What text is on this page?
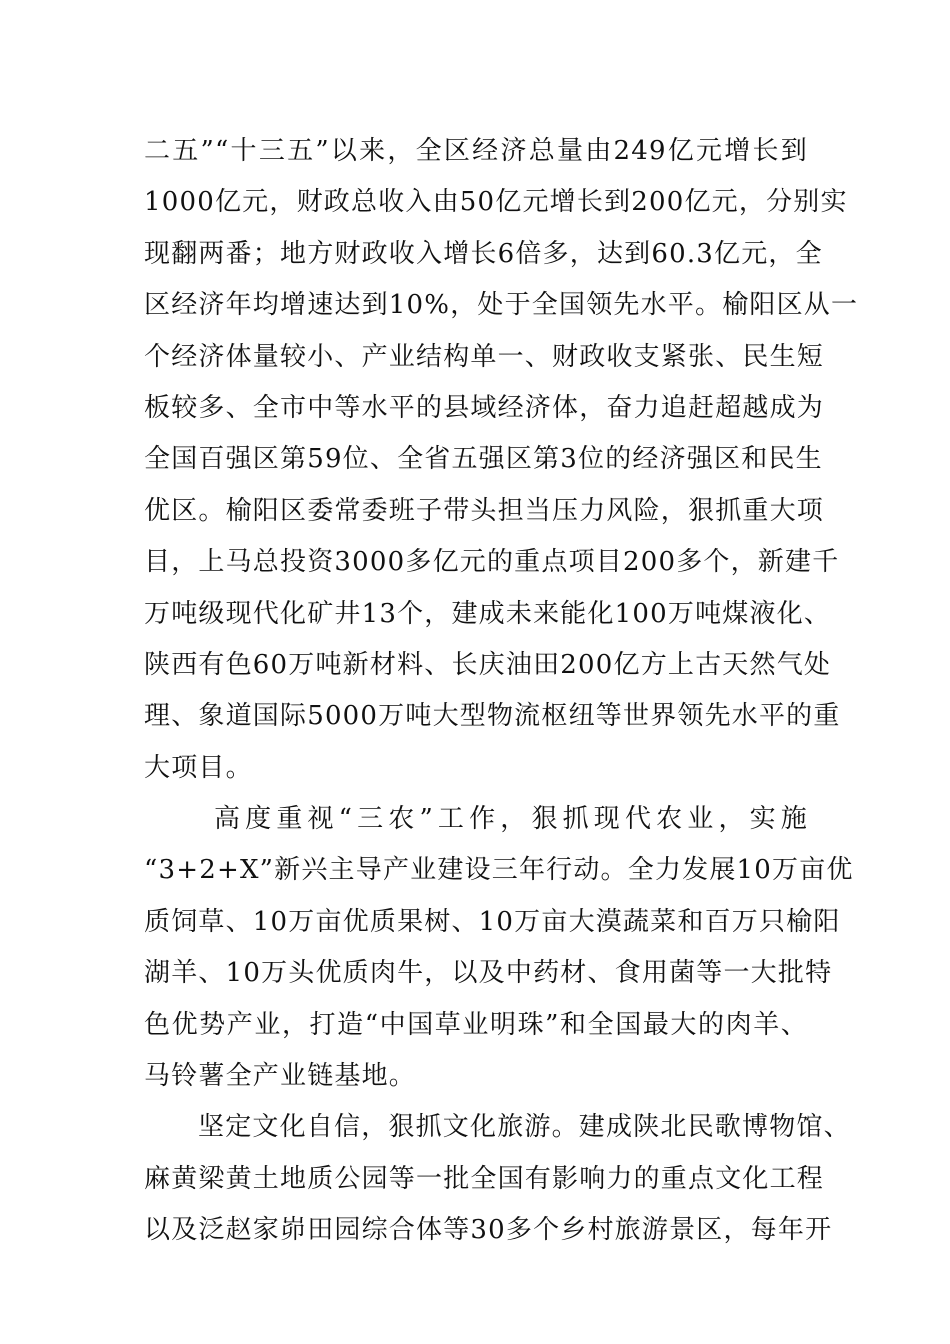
二五”“十三五”以来，全区经济总量由249亿元增长到
1000亿元，财政总收入由50亿元增长到200亿元，分别实
现翻两番；地方财政收入增长6倍多，达到60.3亿元，全
区经济年均增速达到10%，处于全国领先水平。榆阳区从一
个经济体量较小、产业结构单一、财政收支紧张、民生短
板较多、全市中等水平的县域经济体，奋力追赶超越成为
全国百强区第59位、全省五强区第3位的经济强区和民生
优区。榆阳区委常委班子带头担当压力风险，狠抓重大项
目，上马总投资3000多亿元的重点项目200多个，新建千
万吨级现代化矿井13个，建成未来能化100万吨煤液化、
陕西有色60万吨新材料、长庆油田200亿方上古天然气处
理、象道国际5000万吨大型物流枢纽等世界领先水平的重
大项目。
高度重视“三农”工作，狠抓现代农业，实施
“3+2+X”新兴主导产业建设三年行动。全力发展10万亩优
质饲草、10万亩优质果树、10万亩大漠蔬菜和百万只榆阳
湖羊、10万头优质肉牛，以及中药材、食用菌等一大批特
色优势产业，打造“中国草业明珠”和全国最大的肉羊、
马铃薯全产业链基地。
坚定文化自信，狠抓文化旅游。建成陕北民歌博物馆、
麻黄梁黄土地质公园等一批全国有影响力的重点文化工程
以及泛赵家峁田园综合体等30多个乡村旅游景区，每年开
